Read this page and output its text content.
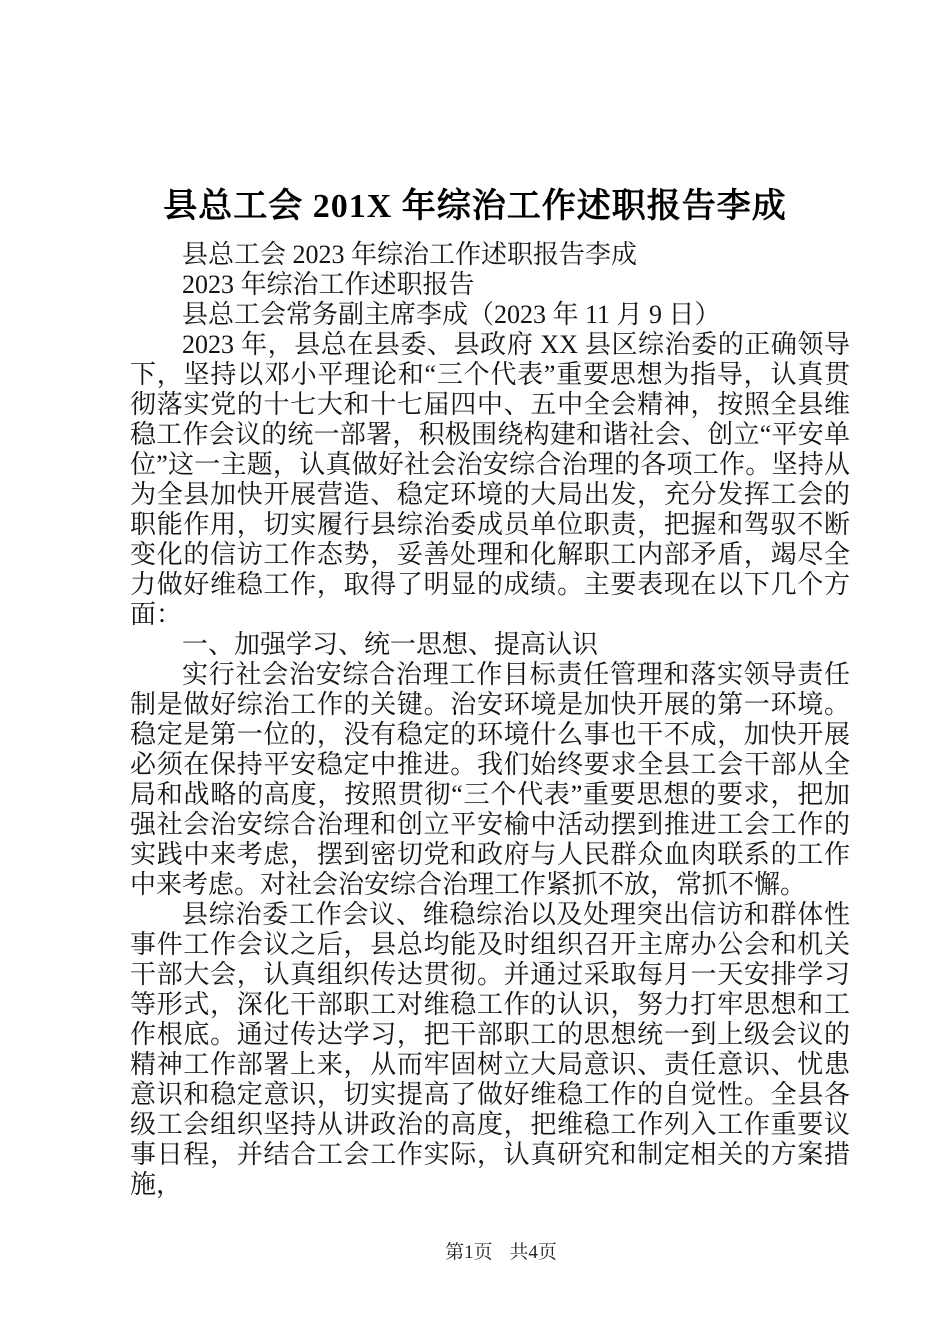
县总工会 201X 年综治工作述职报告李成

县总工会 2023 年综治工作述职报告李成

2023 年综治工作述职报告

县总工会常务副主席李成（2023 年 11 月 9 日）

2023 年，县总在县委、县政府 XX 县区综治委的正确领导下，坚持以邓小平理论和“三个代表”重要思想为指导，认真贯彻落实党的十七大和十七届四中、五中全会精神，按照全县维稳工作会议的统一部署，积极围绕构建和谐社会、创立“平安单位”这一主题，认真做好社会治安综合治理的各项工作。坚持从为全县加快开展营造、稳定环境的大局出发，充分发挥工会的职能作用，切实履行县综治委成员单位职责，把握和驾驭不断变化的信访工作态势，妥善处理和化解职工内部矛盾，竭尽全力做好维稳工作，取得了明显的成绩。主要表现在以下几个方面：

一、加强学习、统一思想、提高认识

实行社会治安综合治理工作目标责任管理和落实领导责任制是做好综治工作的关键。治安环境是加快开展的第一环境。稳定是第一位的，没有稳定的环境什么事也干不成，加快开展必须在保持平安稳定中推进。我们始终要求全县工会干部从全局和战略的高度，按照贯彻“三个代表”重要思想的要求，把加强社会治安综合治理和创立平安榆中活动摆到推进工会工作的实践中来考虑，摆到密切党和政府与人民群众血肉联系的工作中来考虑。对社会治安综合治理工作紧抓不放，常抓不懈。

县综治委工作会议、维稳综治以及处理突出信访和群体性事件工作会议之后，县总均能及时组织召开主席办公会和机关干部大会，认真组织传达贯彻。并通过采取每月一天安排学习等形式，深化干部职工对维稳工作的认识，努力打牢思想和工作根底。通过传达学习，把干部职工的思想统一到上级会议的精神工作部署上来，从而牢固树立大局意识、责任意识、忧患意识和稳定意识，切实提高了做好维稳工作的自觉性。全县各级工会组织坚持从讲政治的高度，把维稳工作列入工作重要议事日程，并结合工会工作实际，认真研究和制定相关的方案措施，

第1页 共4页
